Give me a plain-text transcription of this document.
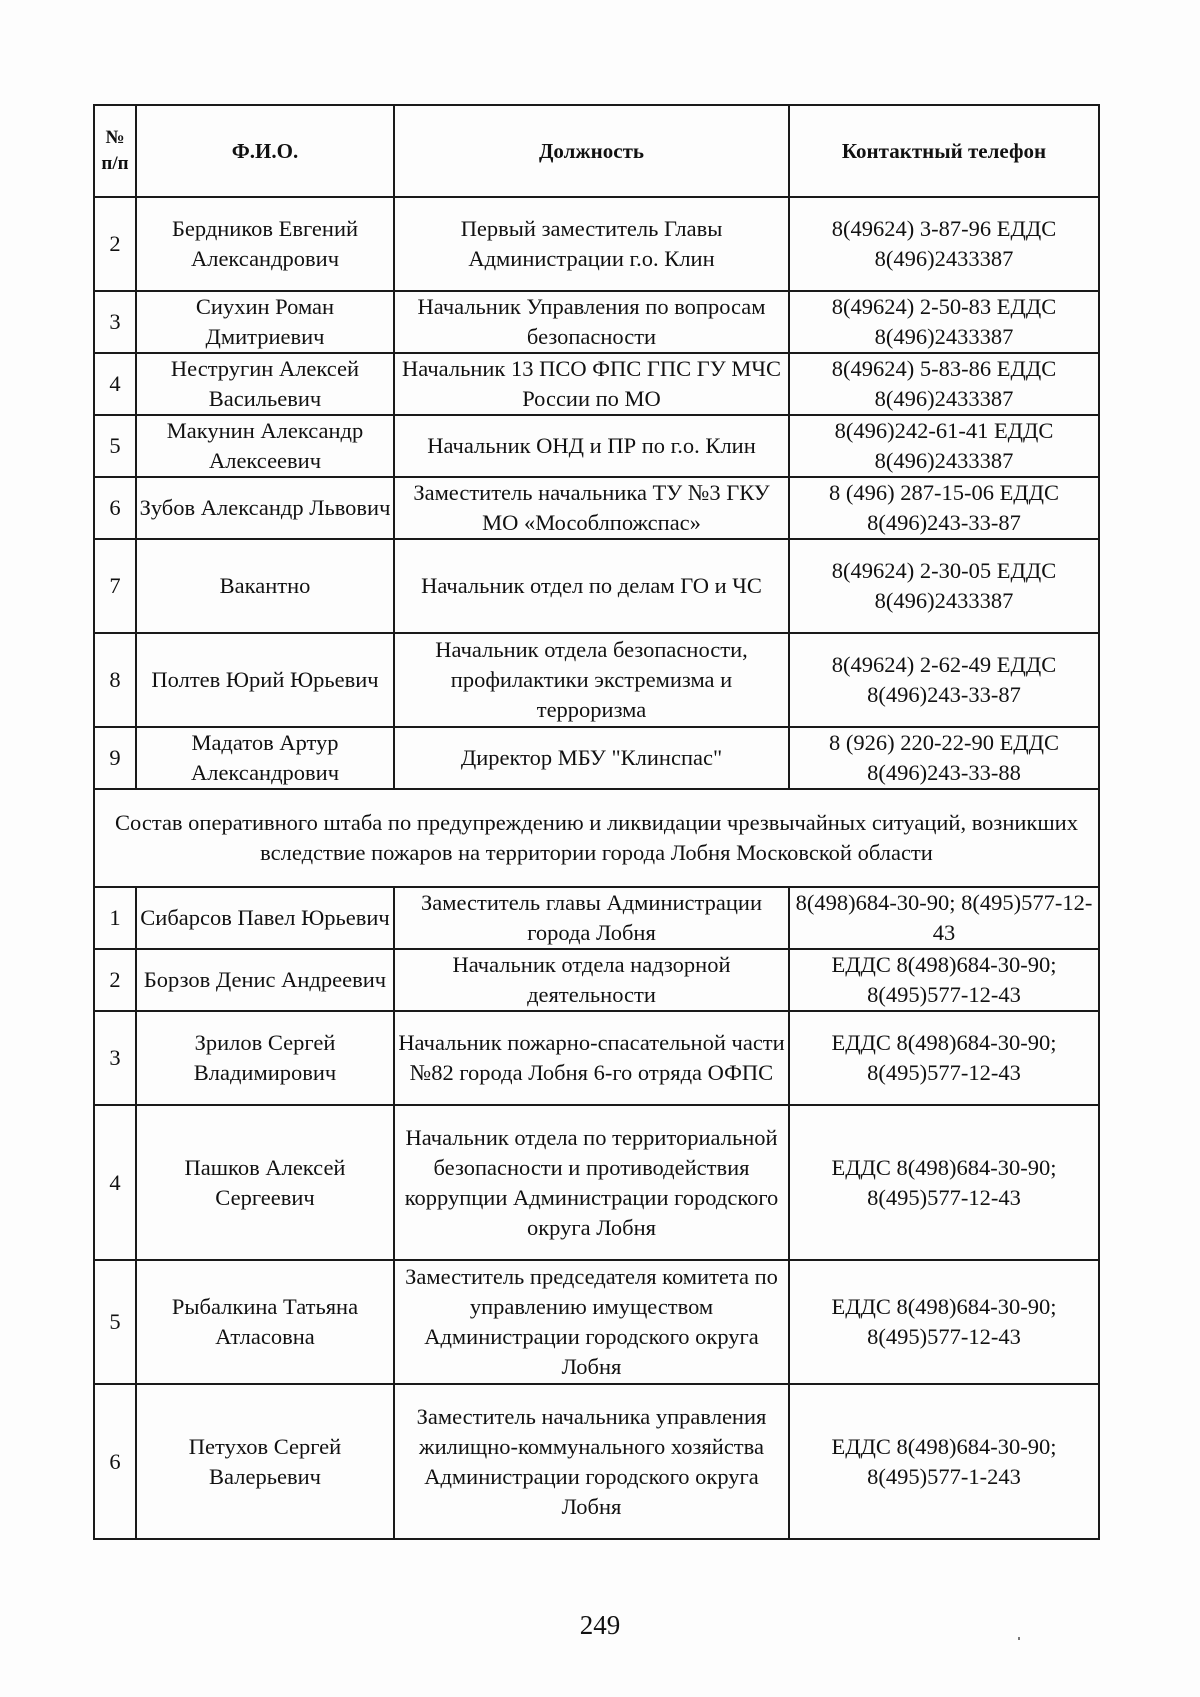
№ п/п	Ф.И.О.	Должность	Контактный телефон
2	Бердников Евгений Александрович	Первый заместитель Главы Администрации г.о. Клин	8(49624) 3-87-96 ЕДДС 8(496)2433387
3	Сиухин Роман Дмитриевич	Начальник Управления по вопросам безопасности	8(49624) 2-50-83 ЕДДС 8(496)2433387
4	Нестругин Алексей Васильевич	Начальник 13 ПСО ФПС ГПС ГУ МЧС России по МО	8(49624) 5-83-86 ЕДДС 8(496)2433387
5	Макунин Александр Алексеевич	Начальник ОНД и ПР по г.о. Клин	8(496)242-61-41 ЕДДС 8(496)2433387
6	Зубов Александр Львович	Заместитель начальника ТУ №3 ГКУ МО «Мособлпожспас»	8 (496) 287-15-06 ЕДДС 8(496)243-33-87
7	Вакантно	Начальник отдел по делам ГО и ЧС	8(49624) 2-30-05 ЕДДС 8(496)2433387
8	Полтев Юрий Юрьевич	Начальник отдела безопасности, профилактики экстремизма и терроризма	8(49624) 2-62-49 ЕДДС 8(496)243-33-87
9	Мадатов Артур Александрович	Директор МБУ "Клинспас"	8 (926) 220-22-90 ЕДДС 8(496)243-33-88
Состав оперативного штаба по предупреждению и ликвидации чрезвычайных ситуаций, возникших вследствие пожаров на территории города Лобня Московской области			
1	Сибарсов Павел Юрьевич	Заместитель главы Администрации города Лобня	8(498)684-30-90; 8(495)577-12-43
2	Борзов Денис Андреевич	Начальник отдела надзорной деятельности	ЕДДС 8(498)684-30-90; 8(495)577-12-43
3	Зрилов Сергей Владимирович	Начальник пожарно-спасательной части №82 города Лобня 6-го отряда ОФПС	ЕДДС 8(498)684-30-90; 8(495)577-12-43
4	Пашков Алексей Сергеевич	Начальник отдела по территориальной безопасности и противодействия коррупции Администрации городского округа Лобня	ЕДДС 8(498)684-30-90; 8(495)577-12-43
5	Рыбалкина Татьяна Атласовна	Заместитель председателя комитета по управлению имуществом Администрации городского округа Лобня	ЕДДС 8(498)684-30-90; 8(495)577-12-43
6	Петухов Сергей Валерьевич	Заместитель начальника управления жилищно-коммунального хозяйства Администрации городского округа Лобня	ЕДДС 8(498)684-30-90; 8(495)577-1-243
249
